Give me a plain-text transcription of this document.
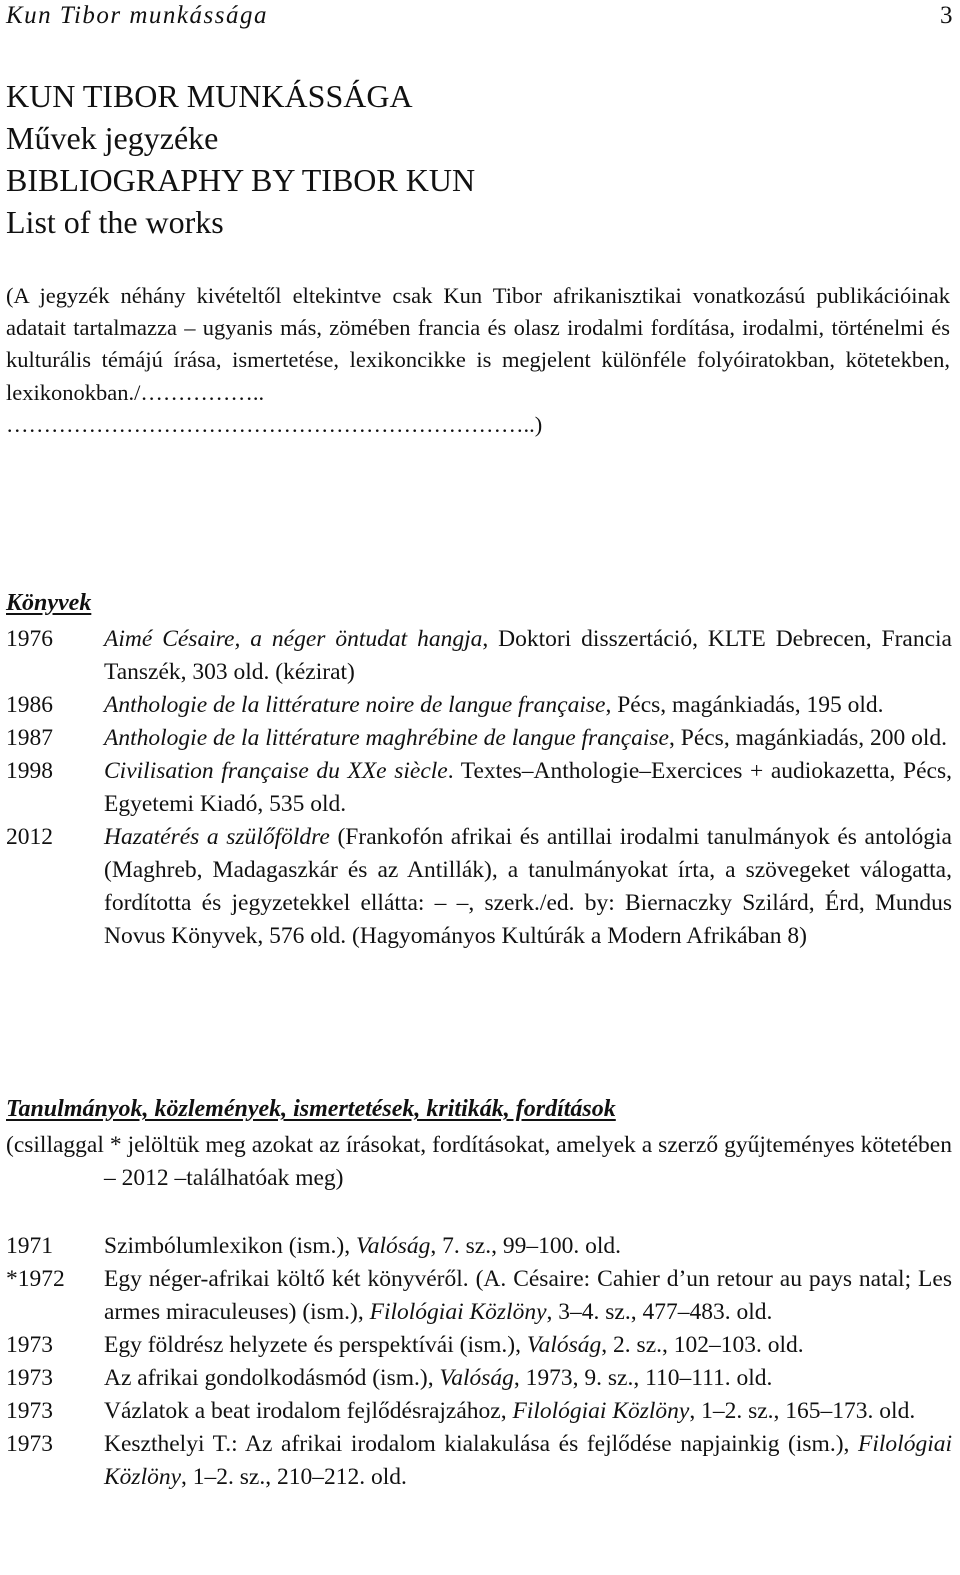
Kun Tibor munkássága	3
KUN TIBOR MUNKÁSSÁGA
Művek jegyzéke
BIBLIOGRAPHY BY TIBOR KUN
List of the works
(A jegyzék néhány kivételtől eltekintve csak Kun Tibor afrikanisztikai vonatkozású publikációinak adatait tartalmazza – ugyanis más, zömében francia és olasz irodalmi fordítása, irodalmi, történelmi és kulturális témájú írása, ismertetése, lexikoncikke is megjelent különféle folyóiratokban, kötetekben, lexikonokban./……………..
……………………………………………………………..)
Könyvek
1976 Aimé Césaire, a néger öntudat hangja, Doktori disszertáció, KLTE Debrecen, Francia Tanszék, 303 old. (kézirat)
1986 Anthologie de la littérature noire de langue française, Pécs, magánkiadás, 195 old.
1987 Anthologie de la littérature maghrébine de langue française, Pécs, magánkiadás, 200 old.
1998 Civilisation française du XXe siècle. Textes–Anthologie–Exercices + audiokazetta, Pécs, Egyetemi Kiadó, 535 old.
2012 Hazatérés a szülőföldre (Frankofón afrikai és antillai irodalmi tanulmányok és antológia (Maghreb, Madagaszkár és az Antillák), a tanulmányokat írta, a szövegeket válogatta, fordította és jegyzetekkel ellátta: – –, szerk./ed. by: Biernaczky Szilárd, Érd, Mundus Novus Könyvek, 576 old. (Hagyományos Kultúrák a Modern Afrikában 8)
Tanulmányok, közlemények, ismertetések, kritikák, fordítások
(csillaggal * jelöltük meg azokat az írásokat, fordításokat, amelyek a szerző gyűjteményes kötetében – 2012 –találhatóak meg)
1971 Szimbólumlexikon (ism.), Valóság, 7. sz., 99–100. old.
*1972 Egy néger-afrikai költő két könyvéről. (A. Césaire: Cahier d’un retour au pays natal; Les armes miraculeuses) (ism.), Filológiai Közlöny, 3–4. sz., 477–483. old.
1973 Egy földrész helyzete és perspektívái (ism.), Valóság, 2. sz., 102–103. old.
1973 Az afrikai gondolkodásmód (ism.), Valóság, 1973, 9. sz., 110–111. old.
1973 Vázlatok a beat irodalom fejlődésrajzához, Filológiai Közlöny, 1–2. sz., 165–173. old.
1973 Keszthelyi T.: Az afrikai irodalom kialakulása és fejlődése napjainkig (ism.), Filológiai Közlöny, 1–2. sz., 210–212. old.
